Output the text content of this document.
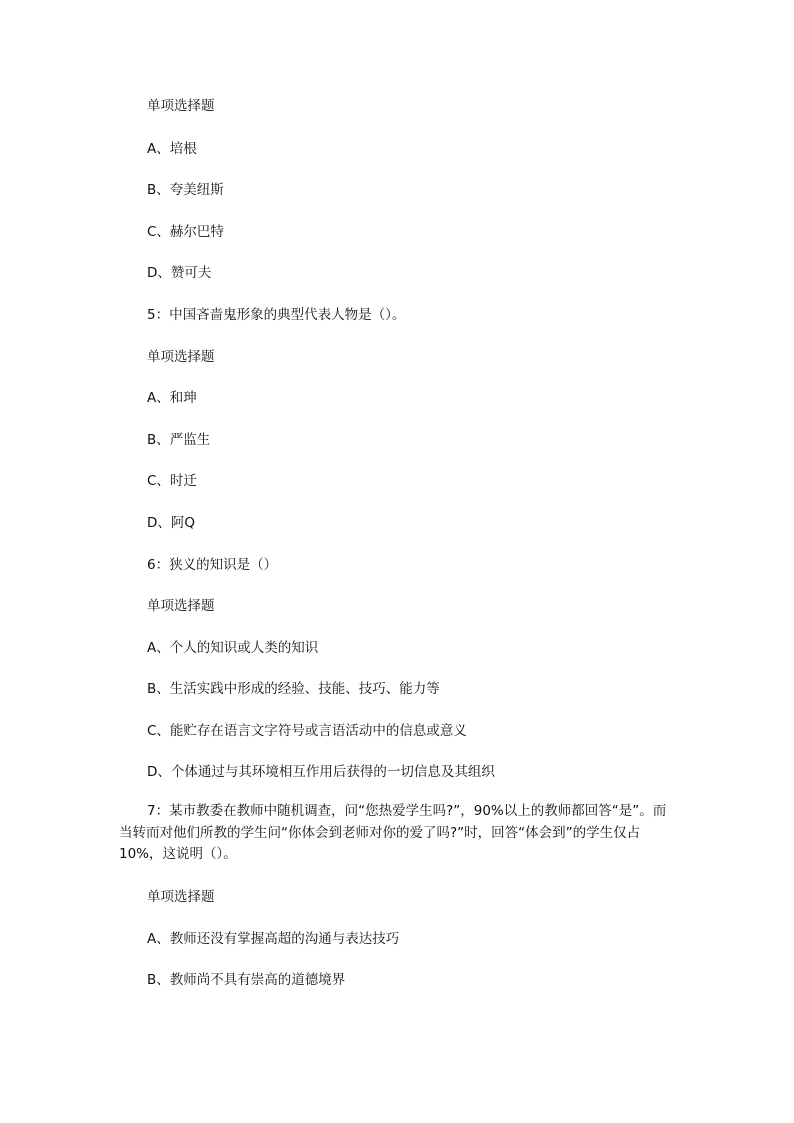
单项选择题
A、培根
B、夸美纽斯
C、赫尔巴特
D、赞可夫
5：中国吝啬鬼形象的典型代表人物是（）。
单项选择题
A、和珅
B、严监生
C、时迁
D、阿Q
6：狭义的知识是（）
单项选择题
A、个人的知识或人类的知识
B、生活实践中形成的经验、技能、技巧、能力等
C、能贮存在语言文字符号或言语活动中的信息或意义
D、个体通过与其环境相互作用后获得的一切信息及其组织
7：某市教委在教师中随机调查，问“您热爱学生吗?”，90%以上的教师都回答“是”。而当转而对他们所教的学生问“你体会到老师对你的爱了吗?”时，回答“体会到”的学生仅占10%，这说明（）。
单项选择题
A、教师还没有掌握高超的沟通与表达技巧
B、教师尚不具有崇高的道德境界
